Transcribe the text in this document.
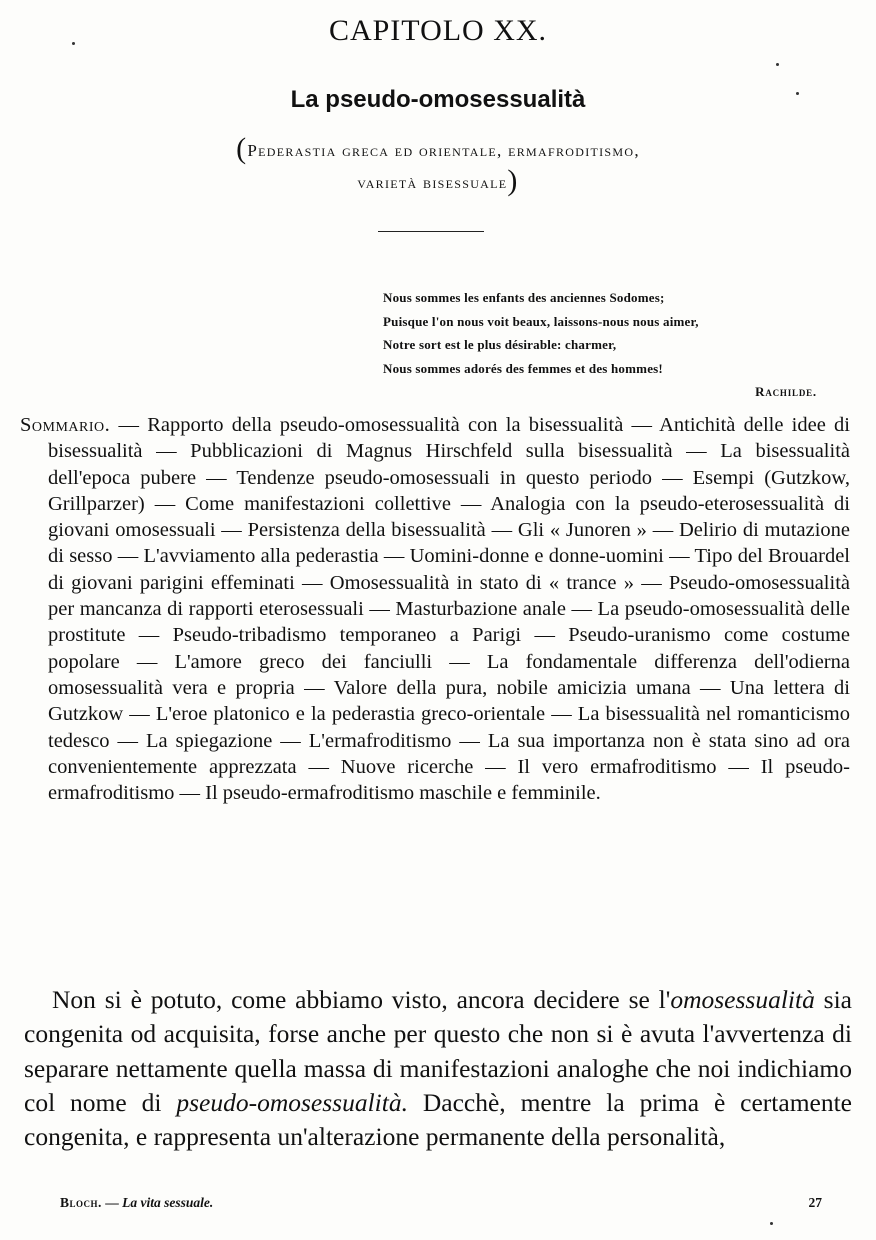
CAPITOLO XX.
La pseudo-omosessualità
(Pederastia greca ed orientale, ermafroditismo,
varietà bisessuale)
Nous sommes les enfants des anciennes Sodomes;
Puisque l'on nous voit beaux, laissons-nous nous aimer,
Notre sort est le plus désirable: charmer,
Nous sommes adorés des femmes et des hommes!
Rachilde.
Sommario. — Rapporto della pseudo-omosessualità con la bisessualità — Antichità delle idee di bisessualità — Pubblicazioni di Magnus Hirschfeld sulla bisessualità — La bisessualità dell'epoca pubere — Tendenze pseudo-omosessuali in questo periodo — Esempi (Gutzkow, Grillparzer) — Come manifestazioni collettive — Analogia con la pseudo-eterosessualità di giovani omosessuali — Persistenza della bisessualità — Gli « Junoren » — Delirio di mutazione di sesso — L'avviamento alla pederastia — Uomini-donne e donne-uomini — Tipo del Brouardel di giovani parigini effeminati — Omosessualità in stato di « trance » — Pseudo-omosessualità per mancanza di rapporti eterosessuali — Masturbazione anale — La pseudo-omosessualità delle prostitute — Pseudo-tribadismo temporaneo a Parigi — Pseudo-uranismo come costume popolare — L'amore greco dei fanciulli — La fondamentale differenza dell'odierna omosessualità vera e propria — Valore della pura, nobile amicizia umana — Una lettera di Gutzkow — L'eroe platonico e la pederastia greco-orientale — La bisessualità nel romanticismo tedesco — La spiegazione — L'ermafroditismo — La sua importanza non è stata sino ad ora convenientemente apprezzata — Nuove ricerche — Il vero ermafroditismo — Il pseudo-ermafroditismo — Il pseudo-ermafroditismo maschile e femminile.
Non si è potuto, come abbiamo visto, ancora decidere se l'omosessualità sia congenita od acquisita, forse anche per questo che non si è avuta l'avvertenza di separare nettamente quella massa di manifestazioni analoghe che noi indichiamo col nome di pseudo-omosessualità. Dacchè, mentre la prima è certamente congenita, e rappresenta un'alterazione permanente della personalità,
Bloch. — La vita sessuale.	27
